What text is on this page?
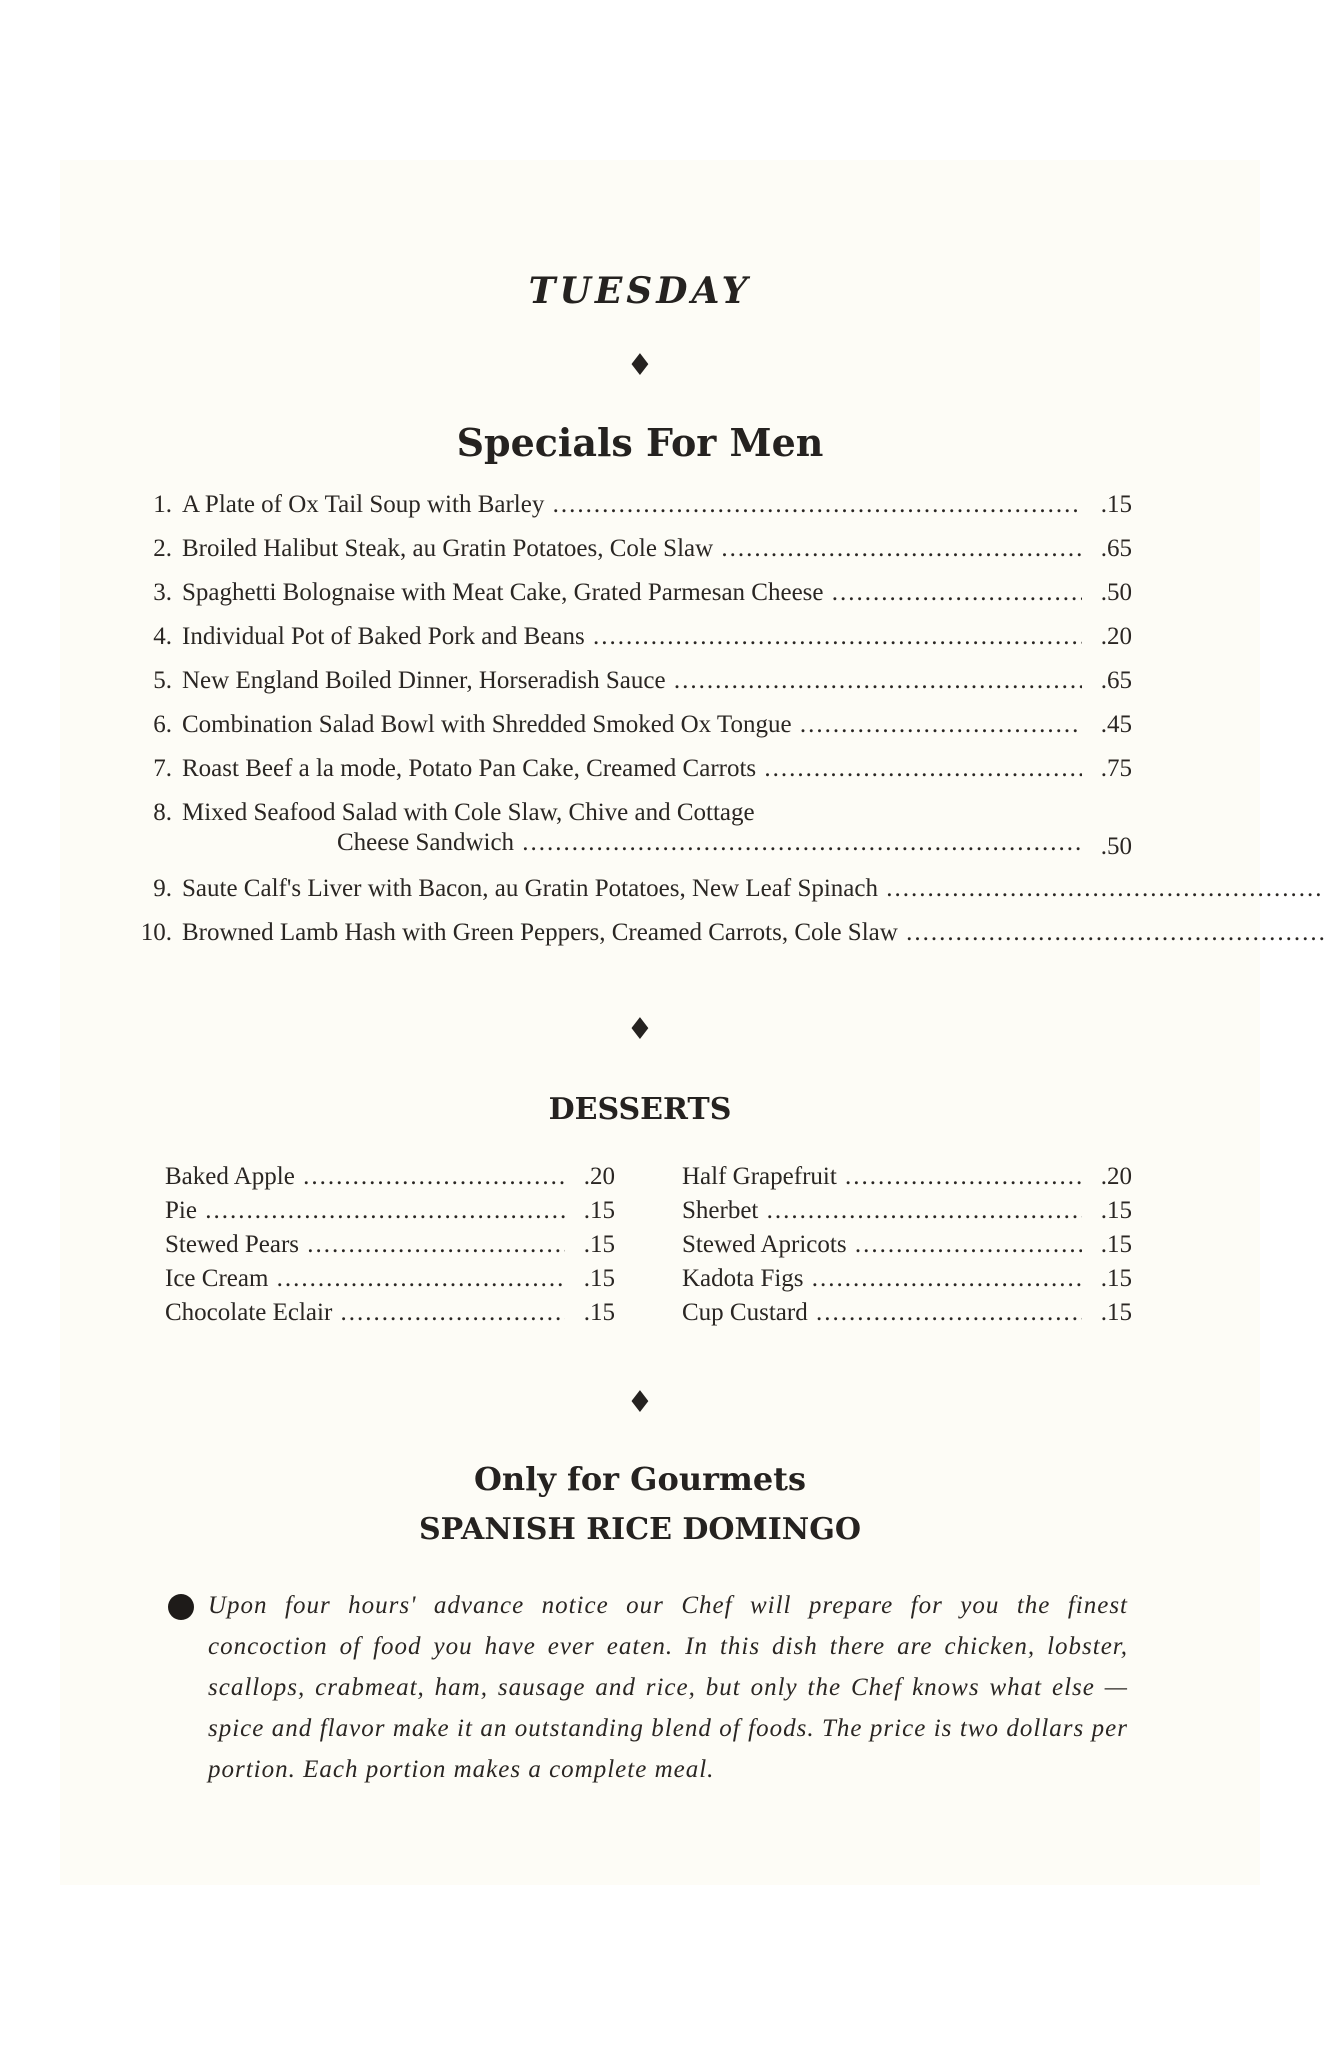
TUESDAY
♦
Specials For Men
1. A Plate of Ox Tail Soup with Barley .....	.15
2. Broiled Halibut Steak, au Gratin Potatoes, Cole Slaw .....	.65
3. Spaghetti Bolognaise with Meat Cake, Grated Parmesan Cheese .....	.50
4. Individual Pot of Baked Pork and Beans .....	.20
5. New England Boiled Dinner, Horseradish Sauce .....	.65
6. Combination Salad Bowl with Shredded Smoked Ox Tongue .....	.45
7. Roast Beef a la mode, Potato Pan Cake, Creamed Carrots .....	.75
8. Mixed Seafood Salad with Cole Slaw, Chive and Cottage
Cheese Sandwich .....	.50
9. Saute Calf's Liver with Bacon, au Gratin Potatoes, New Leaf Spinach .....
10. Browned Lamb Hash with Green Peppers, Creamed Carrots, Cole Slaw .....
♦
DESSERTS
Baked Apple .....	.20
Pie .....	.15
Stewed Pears .....	.15
Ice Cream .....	.15
Chocolate Eclair .....	.15
Half Grapefruit .....	.20
Sherbet .....	.15
Stewed Apricots .....	.15
Kadota Figs .....	.15
Cup Custard .....	.15
♦
Only for Gourmets
SPANISH RICE DOMINGO
Upon four hours' advance notice our Chef will prepare for you the finest concoction of food you have ever eaten. In this dish there are chicken, lobster, scallops, crabmeat, ham, sausage and rice, but only the Chef knows what else —spice and flavor make it an outstanding blend of foods. The price is two dollars per portion. Each portion makes a complete meal.
